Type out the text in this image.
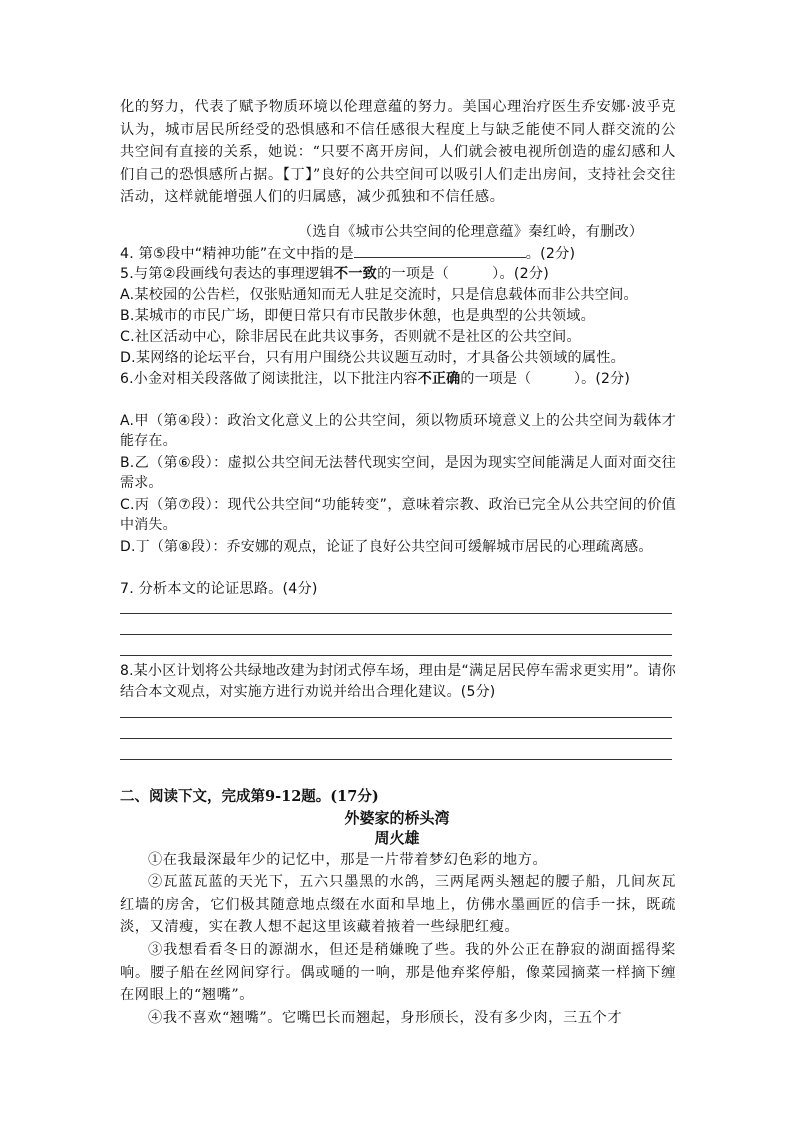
化的努力，代表了赋予物质环境以伦理意蕴的努力。美国心理治疗医生乔安娜·波乎克认为，城市居民所经受的恐惧感和不信任感很大程度上与缺乏能使不同人群交流的公共空间有直接的关系，她说：“只要不离开房间，人们就会被电视所创造的虚幻感和人们自己的恐惧感所占据。【丁】”良好的公共空间可以吸引人们走出房间，支持社会交往活动，这样就能增强人们的归属感，减少孤独和不信任感。

（选自《城市公共空间的伦理意蕴》秦红岭，有删改）

4. 第⑤段中“精神功能”在文中指的是	。(2分)

5.与第②段画线句表达的事理逻辑不一致的一项是（　　　）。(2分)

A.某校园的公告栏，仅张贴通知而无人驻足交流时，只是信息载体而非公共空间。

B.某城市的市民广场，即便日常只有市民散步休憩，也是典型的公共领域。

C.社区活动中心，除非居民在此共议事务，否则就不是社区的公共空间。

D.某网络的论坛平台，只有用户围绕公共议题互动时，才具备公共领域的属性。

6.小金对相关段落做了阅读批注，以下批注内容不正确的一项是（　　　）。(2分)

A.甲（第④段）：政治文化意义上的公共空间，须以物质环境意义上的公共空间为载体才能存在。

B.乙（第⑥段）：虚拟公共空间无法替代现实空间，是因为现实空间能满足人面对面交往需求。

C.丙（第⑦段）：现代公共空间“功能转变”，意味着宗教、政治已完全从公共空间的价值中消失。

D.丁（第⑧段）：乔安娜的观点，论证了良好公共空间可缓解城市居民的心理疏离感。

7. 分析本文的论证思路。(4分)

8.某小区计划将公共绿地改建为封闭式停车场，理由是“满足居民停车需求更实用”。请你结合本文观点，对实施方进行劝说并给出合理化建议。(5分)

二、阅读下文，完成第9-12题。(17分)

外婆家的桥头湾

周火雄

①在我最深最年少的记忆中，那是一片带着梦幻色彩的地方。

②瓦蓝瓦蓝的天光下，五六只墨黑的水鸽，三两尾两头翘起的腰子船，几间灰瓦红墙的房舍，它们极其随意地点缀在水面和旱地上，仿佛水墨画匠的信手一抹，既疏淡，又清瘦，实在教人想不起这里该藏着掖着一些绿肥红瘦。

③我想看看冬日的源湖水，但还是稍嫌晚了些。我的外公正在静寂的湖面摇得桨响。腰子船在丝网间穿行。偶或嗵的一响，那是他弃桨停船，像菜园摘菜一样摘下缠在网眼上的“翘嘴”。

④我不喜欢“翘嘴”。它嘴巴长而翘起，身形颀长，没有多少肉，三五个才
